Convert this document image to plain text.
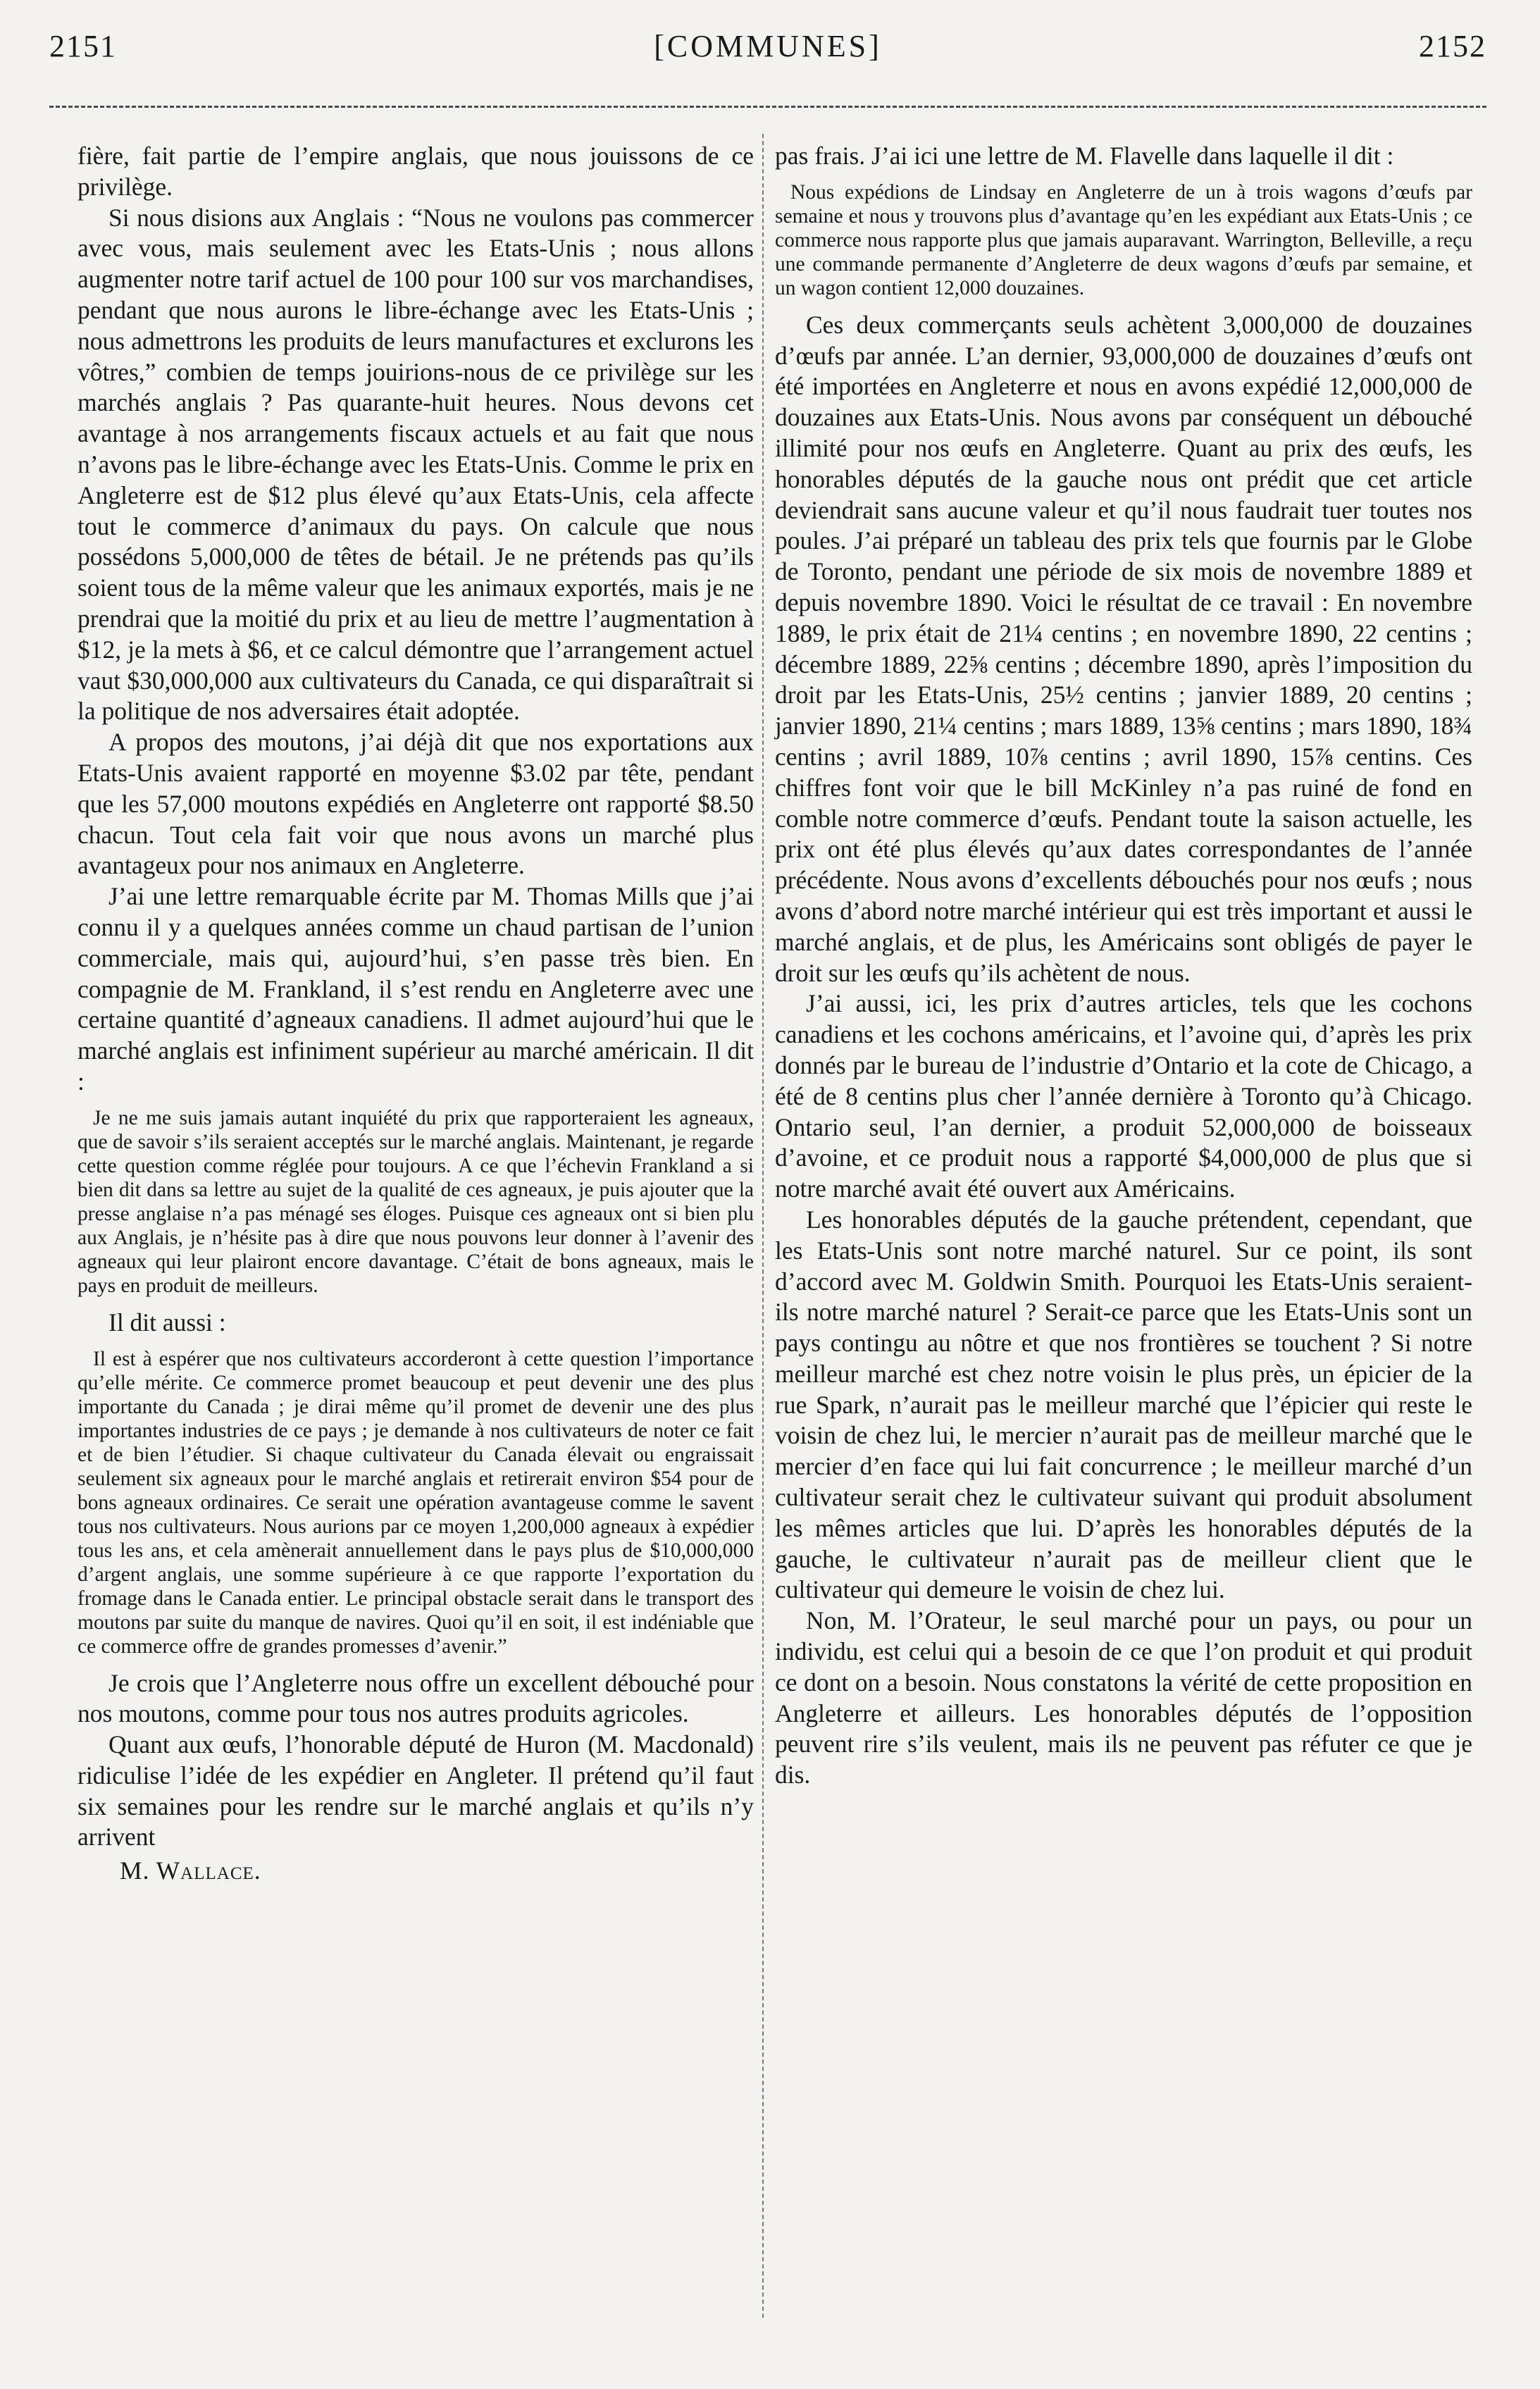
2151	[COMMUNES]	2152

fière, fait partie de l’empire anglais, que nous jouissons de ce privilège.

Si nous disions aux Anglais : “Nous ne voulons pas commercer avec vous, mais seulement avec les Etats-Unis ; nous allons augmenter notre tarif actuel de 100 pour 100 sur vos marchandises, pendant que nous aurons le libre-échange avec les Etats-Unis ; nous admettrons les produits de leurs manufactures et exclurons les vôtres,” combien de temps jouirions-nous de ce privilège sur les marchés anglais ? Pas quarante-huit heures. Nous devons cet avantage à nos arrangements fiscaux actuels et au fait que nous n’avons pas le libre-échange avec les Etats-Unis. Comme le prix en Angleterre est de $12 plus élevé qu’aux Etats-Unis, cela affecte tout le commerce d’animaux du pays. On calcule que nous possédons 5,000,000 de têtes de bétail. Je ne prétends pas qu’ils soient tous de la même valeur que les animaux exportés, mais je ne prendrai que la moitié du prix et au lieu de mettre l’augmentation à $12, je la mets à $6, et ce calcul démontre que l’arrangement actuel vaut $30,000,000 aux cultivateurs du Canada, ce qui disparaîtrait si la politique de nos adversaires était adoptée.

A propos des moutons, j’ai déjà dit que nos exportations aux Etats-Unis avaient rapporté en moyenne $3.02 par tête, pendant que les 57,000 moutons expédiés en Angleterre ont rapporté $8.50 chacun. Tout cela fait voir que nous avons un marché plus avantageux pour nos animaux en Angleterre.

J’ai une lettre remarquable écrite par M. Thomas Mills que j’ai connu il y a quelques années comme un chaud partisan de l’union commerciale, mais qui, aujourd’hui, s’en passe très bien. En compagnie de M. Frankland, il s’est rendu en Angleterre avec une certaine quantité d’agneaux canadiens. Il admet aujourd’hui que le marché anglais est infiniment supérieur au marché américain. Il dit :

Je ne me suis jamais autant inquiété du prix que rapporteraient les agneaux, que de savoir s’ils seraient acceptés sur le marché anglais. Maintenant, je regarde cette question comme réglée pour toujours. A ce que l’échevin Frankland a si bien dit dans sa lettre au sujet de la qualité de ces agneaux, je puis ajouter que la presse anglaise n’a pas ménagé ses éloges. Puisque ces agneaux ont si bien plu aux Anglais, je n’hésite pas à dire que nous pouvons leur donner à l’avenir des agneaux qui leur plairont encore davantage. C’était de bons agneaux, mais le pays en produit de meilleurs.

Il dit aussi :

Il est à espérer que nos cultivateurs accorderont à cette question l’importance qu’elle mérite. Ce commerce promet beaucoup et peut devenir une des plus importante du Canada ; je dirai même qu’il promet de devenir une des plus importantes industries de ce pays ; je demande à nos cultivateurs de noter ce fait et de bien l’étudier. Si chaque cultivateur du Canada élevait ou engraissait seulement six agneaux pour le marché anglais et retirerait environ $54 pour de bons agneaux ordinaires. Ce serait une opération avantageuse comme le savent tous nos cultivateurs. Nous aurions par ce moyen 1,200,000 agneaux à expédier tous les ans, et cela amènerait annuellement dans le pays plus de $10,000,000 d’argent anglais, une somme supérieure à ce que rapporte l’exportation du fromage dans le Canada entier. Le principal obstacle serait dans le transport des moutons par suite du manque de navires. Quoi qu’il en soit, il est indéniable que ce commerce offre de grandes promesses d’avenir.”

Je crois que l’Angleterre nous offre un excellent débouché pour nos moutons, comme pour tous nos autres produits agricoles.

Quant aux œufs, l’honorable député de Huron (M. Macdonald) ridiculise l’idée de les expédier en Angleter. Il prétend qu’il faut six semaines pour les rendre sur le marché anglais et qu’ils n’y arrivent

M. Wallace.

pas frais. J’ai ici une lettre de M. Flavelle dans laquelle il dit :

Nous expédions de Lindsay en Angleterre de un à trois wagons d’œufs par semaine et nous y trouvons plus d’avantage qu’en les expédiant aux Etats-Unis ; ce commerce nous rapporte plus que jamais auparavant. Warrington, Belleville, a reçu une commande permanente d’Angleterre de deux wagons d’œufs par semaine, et un wagon contient 12,000 douzaines.

Ces deux commerçants seuls achètent 3,000,000 de douzaines d’œufs par année. L’an dernier, 93,000,000 de douzaines d’œufs ont été importées en Angleterre et nous en avons expédié 12,000,000 de douzaines aux Etats-Unis. Nous avons par conséquent un débouché illimité pour nos œufs en Angleterre. Quant au prix des œufs, les honorables députés de la gauche nous ont prédit que cet article deviendrait sans aucune valeur et qu’il nous faudrait tuer toutes nos poules. J’ai préparé un tableau des prix tels que fournis par le Globe de Toronto, pendant une période de six mois de novembre 1889 et depuis novembre 1890. Voici le résultat de ce travail : En novembre 1889, le prix était de 21¼ centins ; en novembre 1890, 22 centins ; décembre 1889, 22⅝ centins ; décembre 1890, après l’imposition du droit par les Etats-Unis, 25½ centins ; janvier 1889, 20 centins ; janvier 1890, 21¼ centins ; mars 1889, 13⅝ centins ; mars 1890, 18¾ centins ; avril 1889, 10⅞ centins ; avril 1890, 15⅞ centins. Ces chiffres font voir que le bill McKinley n’a pas ruiné de fond en comble notre commerce d’œufs. Pendant toute la saison actuelle, les prix ont été plus élevés qu’aux dates correspondantes de l’année précédente. Nous avons d’excellents débouchés pour nos œufs ; nous avons d’abord notre marché intérieur qui est très important et aussi le marché anglais, et de plus, les Américains sont obligés de payer le droit sur les œufs qu’ils achètent de nous.

J’ai aussi, ici, les prix d’autres articles, tels que les cochons canadiens et les cochons américains, et l’avoine qui, d’après les prix donnés par le bureau de l’industrie d’Ontario et la cote de Chicago, a été de 8 centins plus cher l’année dernière à Toronto qu’à Chicago. Ontario seul, l’an dernier, a produit 52,000,000 de boisseaux d’avoine, et ce produit nous a rapporté $4,000,000 de plus que si notre marché avait été ouvert aux Américains.

Les honorables députés de la gauche prétendent, cependant, que les Etats-Unis sont notre marché naturel. Sur ce point, ils sont d’accord avec M. Goldwin Smith. Pourquoi les Etats-Unis seraient-ils notre marché naturel ? Serait-ce parce que les Etats-Unis sont un pays contingu au nôtre et que nos frontières se touchent ? Si notre meilleur marché est chez notre voisin le plus près, un épicier de la rue Spark, n’aurait pas le meilleur marché que l’épicier qui reste le voisin de chez lui, le mercier n’aurait pas de meilleur marché que le mercier d’en face qui lui fait concurrence ; le meilleur marché d’un cultivateur serait chez le cultivateur suivant qui produit absolument les mêmes articles que lui. D’après les honorables députés de la gauche, le cultivateur n’aurait pas de meilleur client que le cultivateur qui demeure le voisin de chez lui.

Non, M. l’Orateur, le seul marché pour un pays, ou pour un individu, est celui qui a besoin de ce que l’on produit et qui produit ce dont on a besoin. Nous constatons la vérité de cette proposition en Angleterre et ailleurs. Les honorables députés de l’opposition peuvent rire s’ils veulent, mais ils ne peuvent pas réfuter ce que je dis.
